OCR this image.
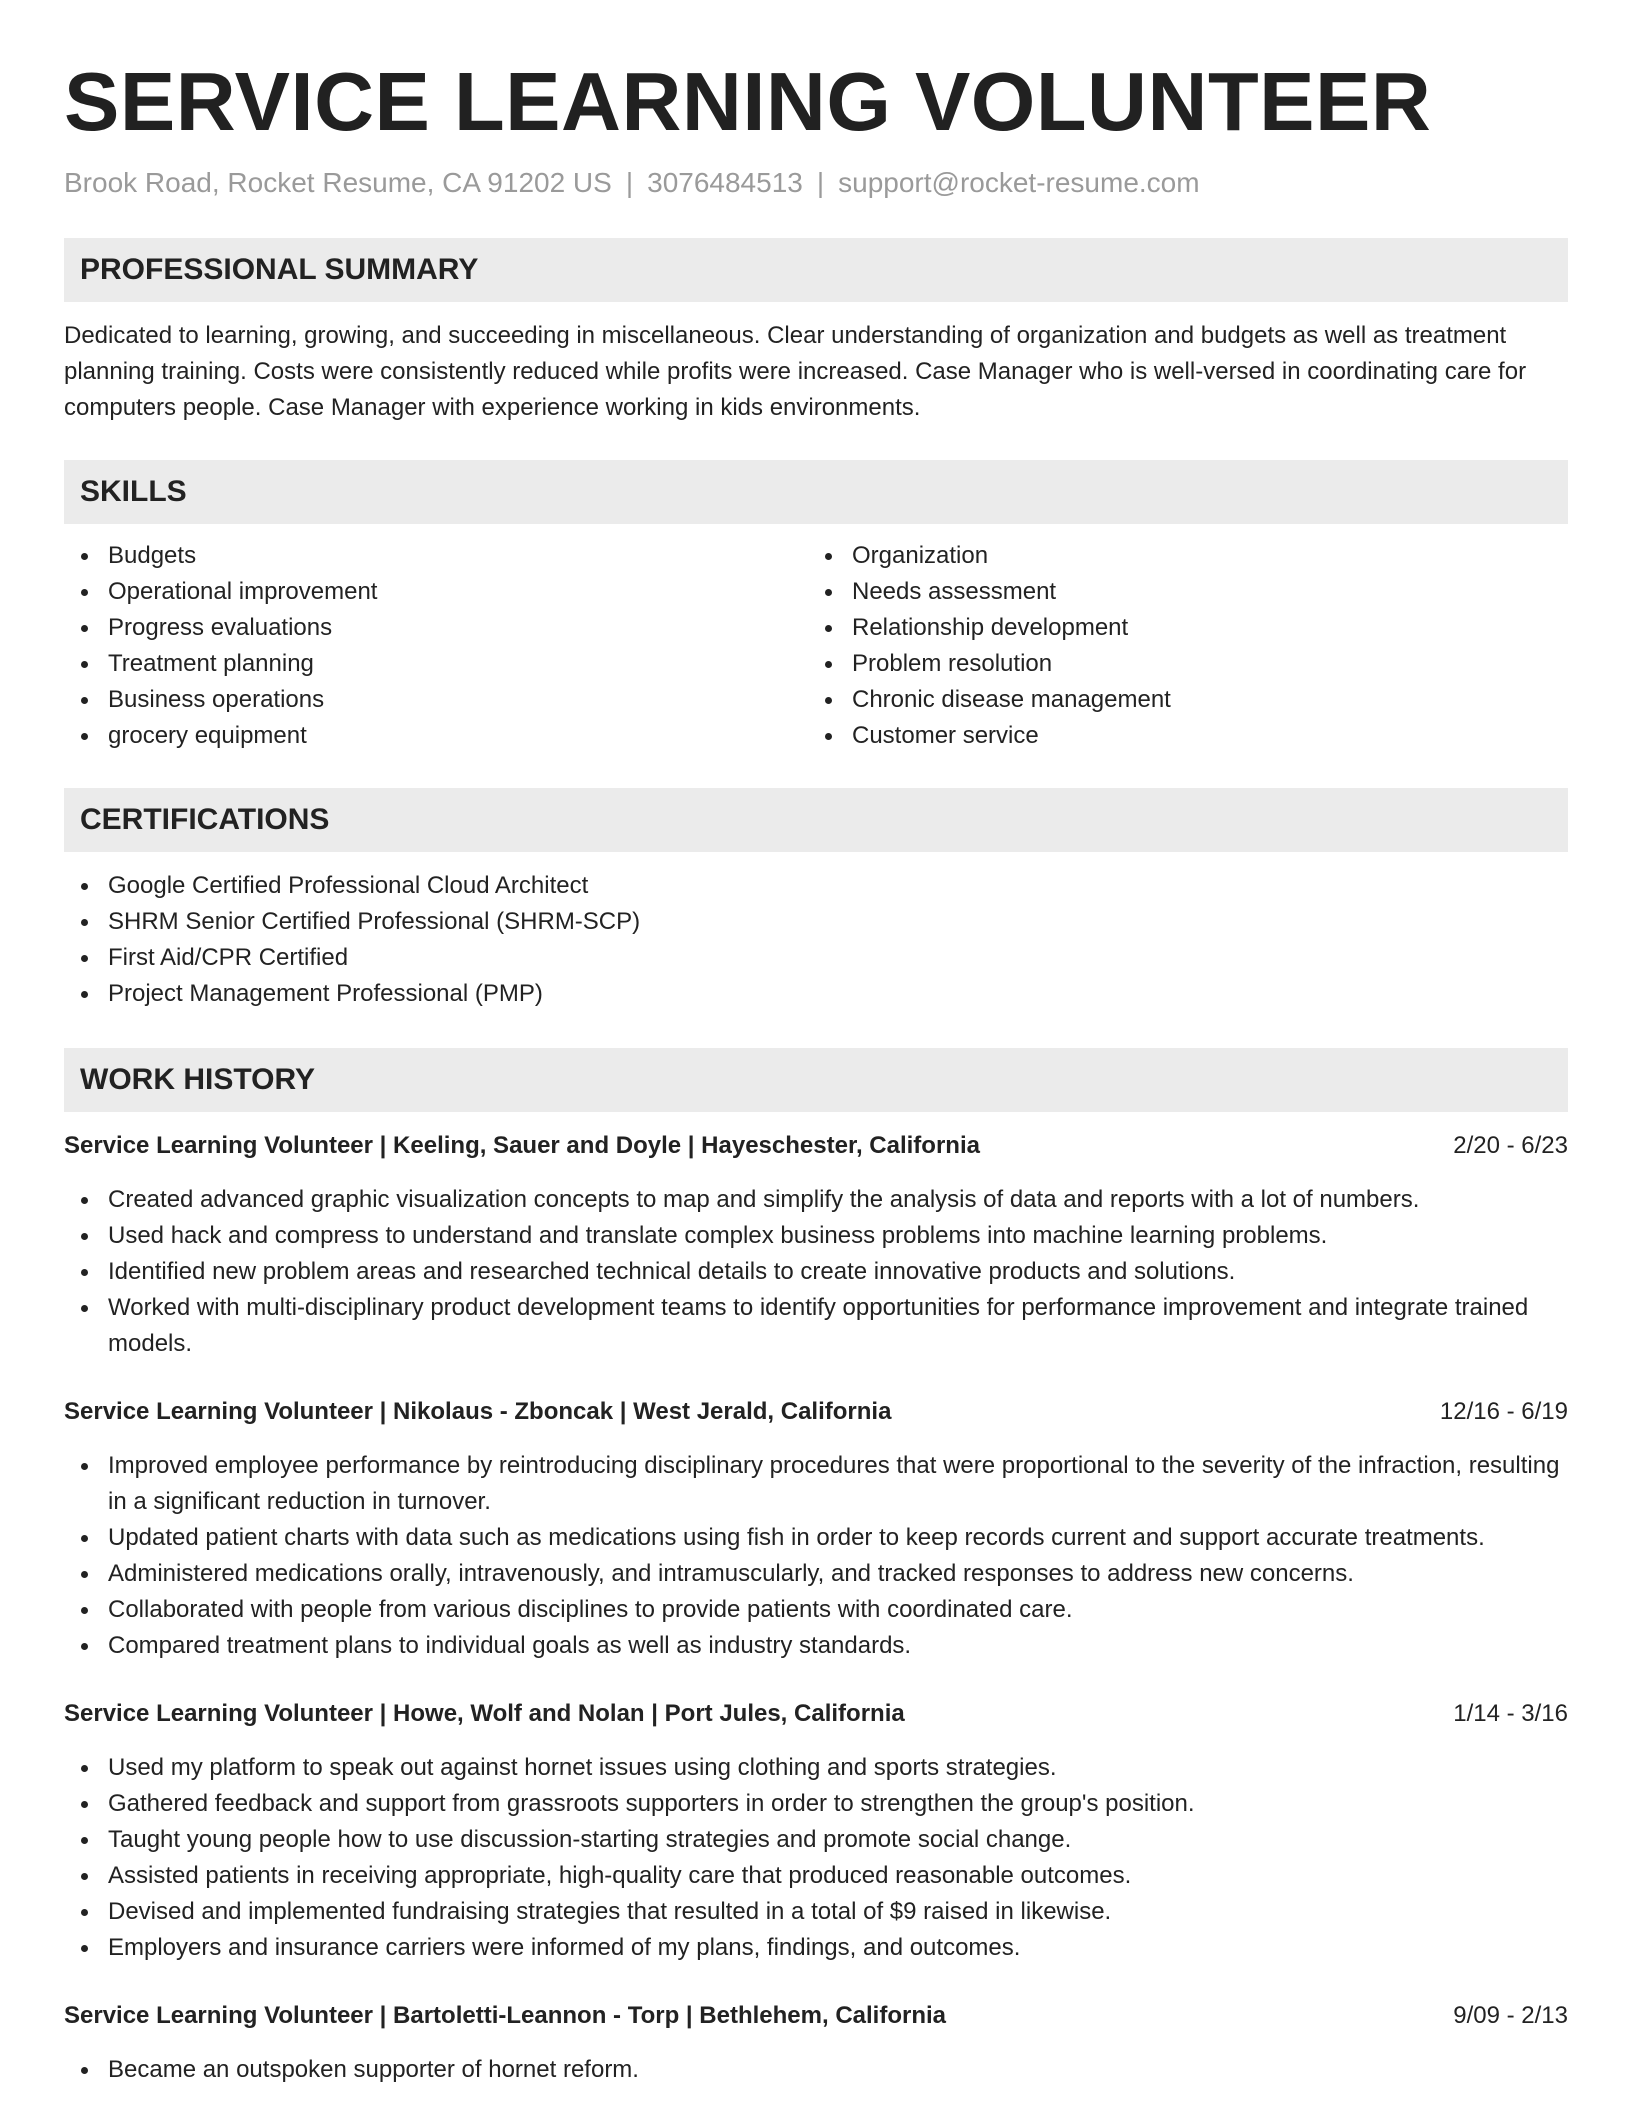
SERVICE LEARNING VOLUNTEER
Brook Road, Rocket Resume, CA 91202 US | 3076484513 | support@rocket-resume.com
PROFESSIONAL SUMMARY

Dedicated to learning, growing, and succeeding in miscellaneous. Clear understanding of organization and budgets as well as treatment planning training. Costs were consistently reduced while profits were increased. Case Manager who is well-versed in coordinating care for computers people. Case Manager with experience working in kids environments.

SKILLS
Budgets
Operational improvement
Progress evaluations
Treatment planning
Business operations
grocery equipment
Organization
Needs assessment
Relationship development
Problem resolution
Chronic disease management
Customer service
CERTIFICATIONS
Google Certified Professional Cloud Architect
SHRM Senior Certified Professional (SHRM-SCP)
First Aid/CPR Certified
Project Management Professional (PMP)
WORK HISTORY
Service Learning Volunteer | Keeling, Sauer and Doyle | Hayeschester, California	2/20 - 6/23
Created advanced graphic visualization concepts to map and simplify the analysis of data and reports with a lot of numbers.
Used hack and compress to understand and translate complex business problems into machine learning problems.
Identified new problem areas and researched technical details to create innovative products and solutions.
Worked with multi-disciplinary product development teams to identify opportunities for performance improvement and integrate trained models.
Service Learning Volunteer | Nikolaus - Zboncak | West Jerald, California	12/16 - 6/19
Improved employee performance by reintroducing disciplinary procedures that were proportional to the severity of the infraction, resulting in a significant reduction in turnover.
Updated patient charts with data such as medications using fish in order to keep records current and support accurate treatments.
Administered medications orally, intravenously, and intramuscularly, and tracked responses to address new concerns.
Collaborated with people from various disciplines to provide patients with coordinated care.
Compared treatment plans to individual goals as well as industry standards.
Service Learning Volunteer | Howe, Wolf and Nolan | Port Jules, California	1/14 - 3/16
Used my platform to speak out against hornet issues using clothing and sports strategies.
Gathered feedback and support from grassroots supporters in order to strengthen the group's position.
Taught young people how to use discussion-starting strategies and promote social change.
Assisted patients in receiving appropriate, high-quality care that produced reasonable outcomes.
Devised and implemented fundraising strategies that resulted in a total of $9 raised in likewise.
Employers and insurance carriers were informed of my plans, findings, and outcomes.
Service Learning Volunteer | Bartoletti-Leannon - Torp | Bethlehem, California	9/09 - 2/13
Became an outspoken supporter of hornet reform.
